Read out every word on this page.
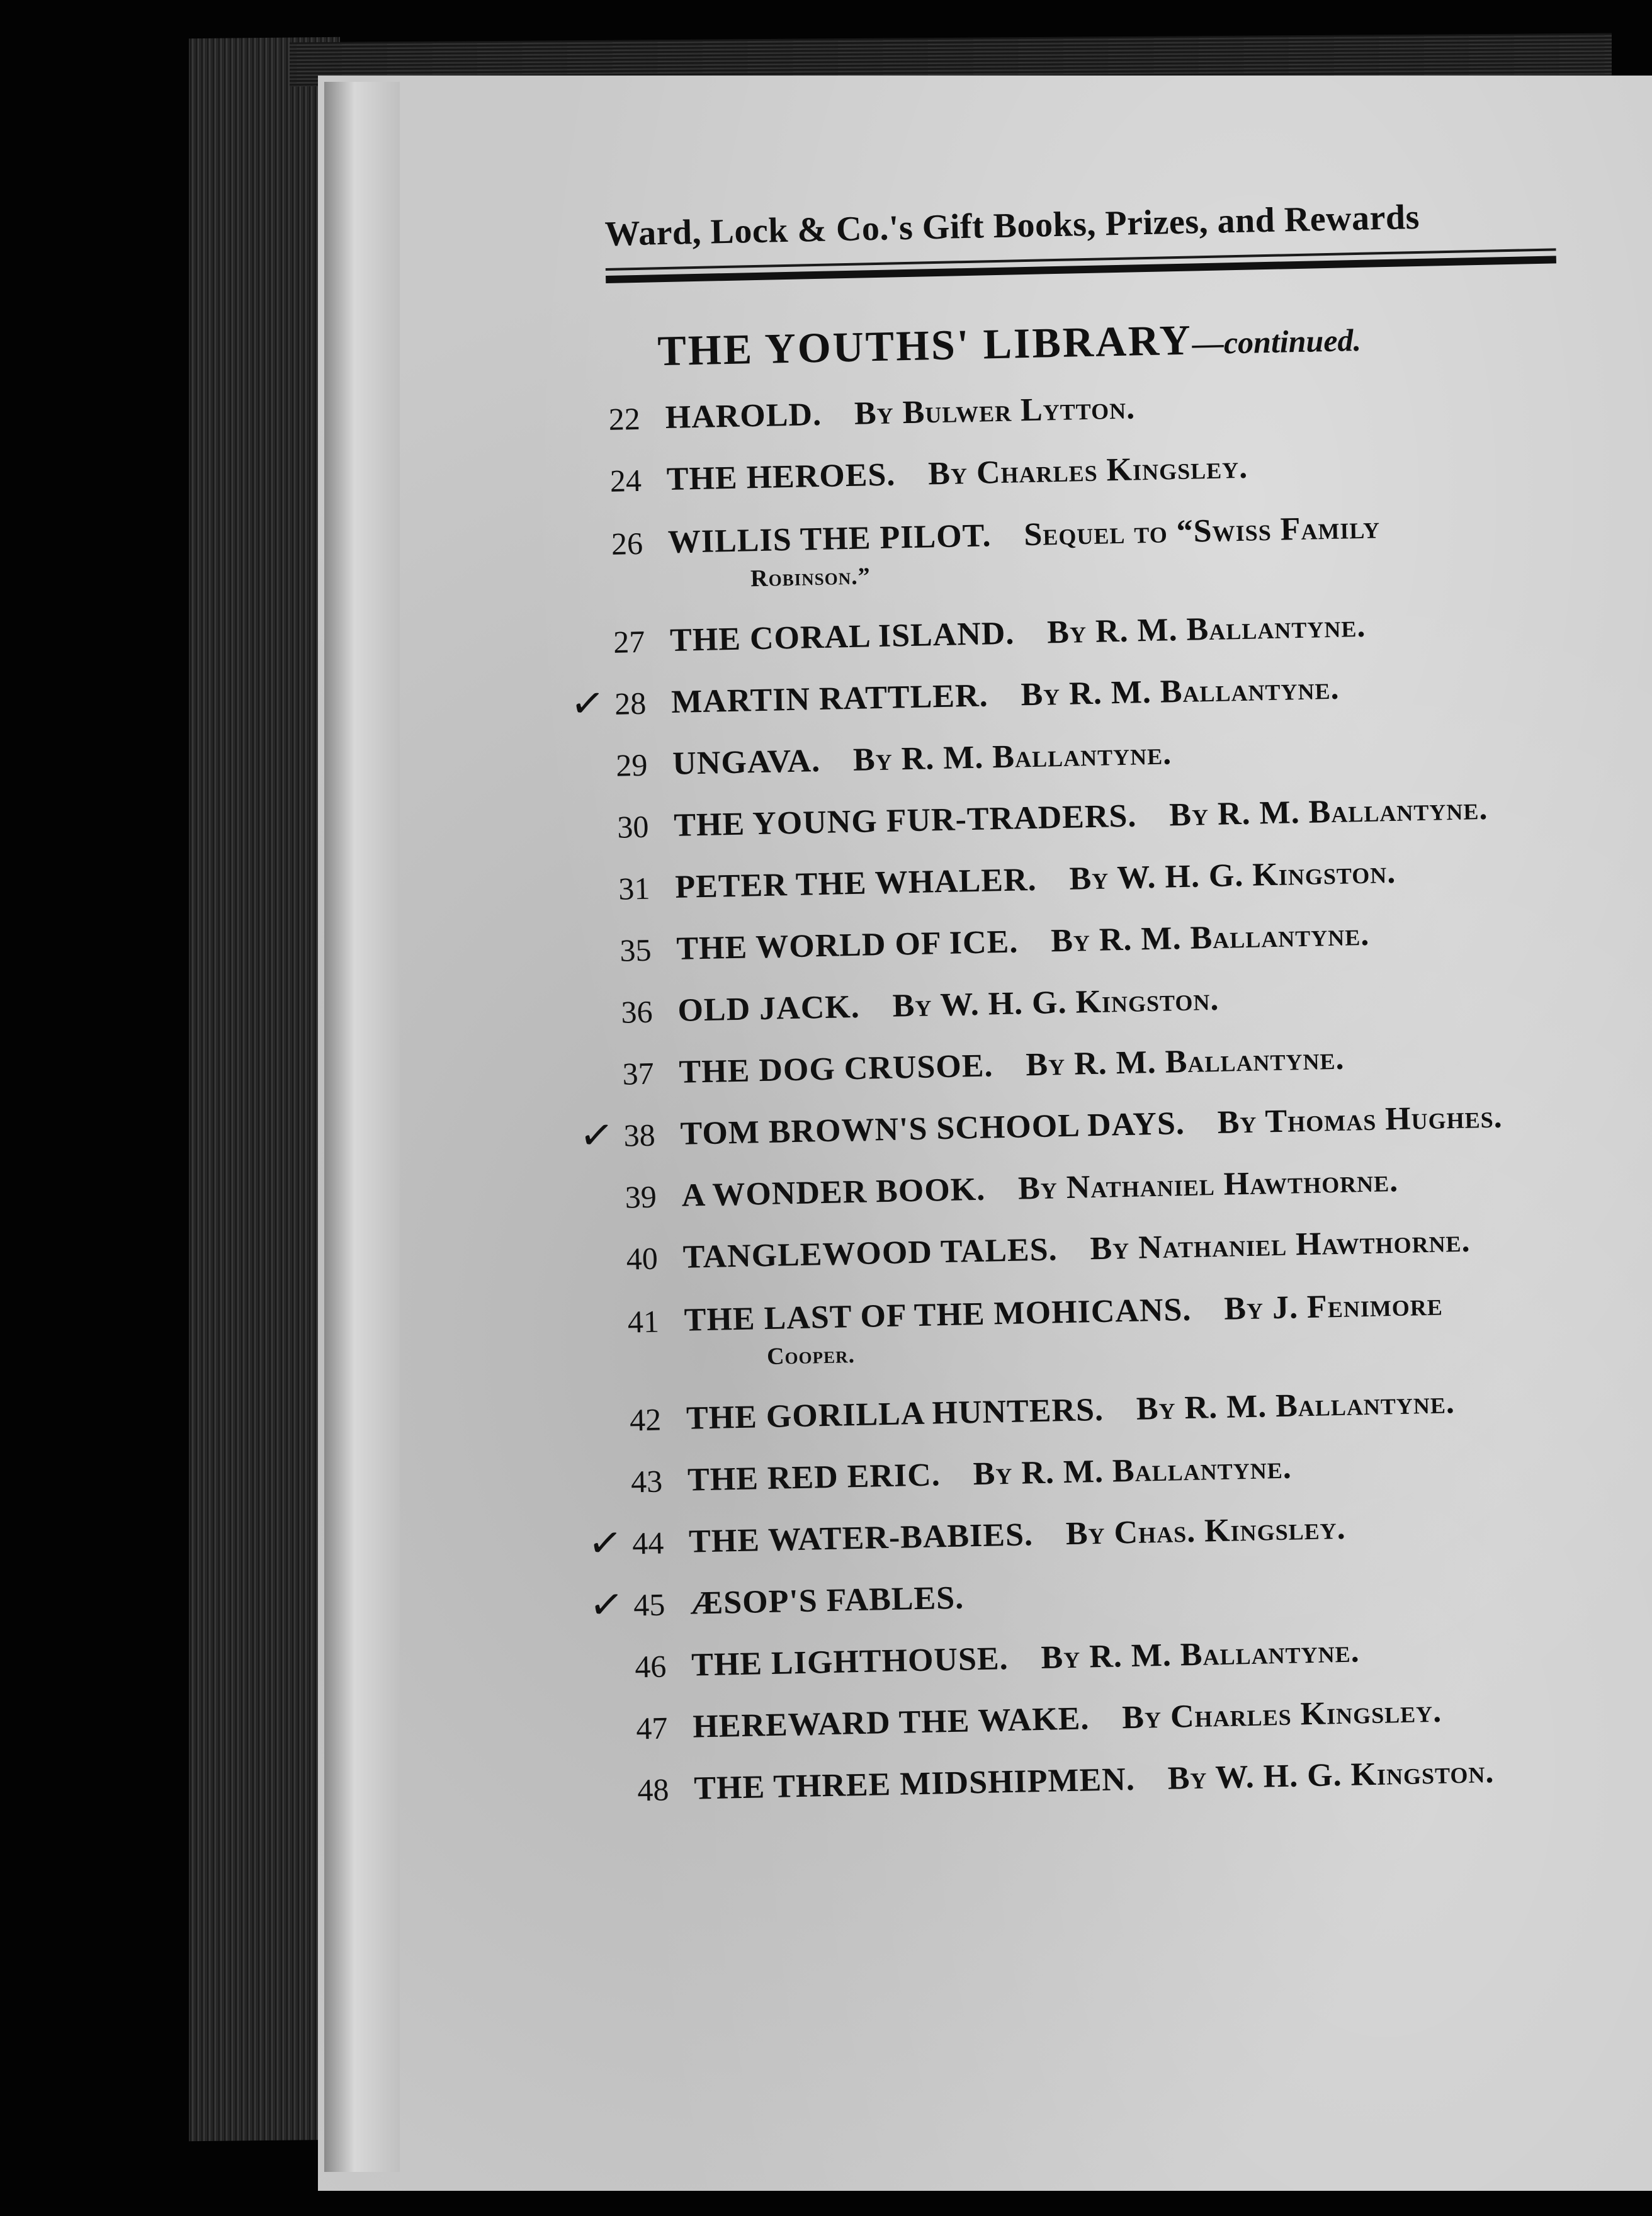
Ward, Lock & Co.'s Gift Books, Prizes, and Rewards

THE YOUTHS' LIBRARY—continued.
22 HAROLD.  By Bulwer Lytton.
24 THE HEROES.  By Charles Kingsley.
26 WILLIS THE PILOT.  Sequel to “Swiss Family
Robinson.”
27 THE CORAL ISLAND.  By R. M. Ballantyne.
✓ 28 MARTIN RATTLER.  By R. M. Ballantyne.
29 UNGAVA.  By R. M. Ballantyne.
30 THE YOUNG FUR-TRADERS.  By R. M. Ballantyne.
31 PETER THE WHALER.  By W. H. G. Kingston.
35 THE WORLD OF ICE.  By R. M. Ballantyne.
36 OLD JACK.  By W. H. G. Kingston.
37 THE DOG CRUSOE.  By R. M. Ballantyne.
✓ 38 TOM BROWN'S SCHOOL DAYS.  By Thomas Hughes.
39 A WONDER BOOK.  By Nathaniel Hawthorne.
40 TANGLEWOOD TALES.  By Nathaniel Hawthorne.
41 THE LAST OF THE MOHICANS.  By J. Fenimore
Cooper.
42 THE GORILLA HUNTERS.  By R. M. Ballantyne.
43 THE RED ERIC.  By R. M. Ballantyne.
✓ 44 THE WATER-BABIES.  By Chas. Kingsley.
✓ 45 ÆSOP'S FABLES. 
46 THE LIGHTHOUSE.  By R. M. Ballantyne.
47 HEREWARD THE WAKE.  By Charles Kingsley.
48 THE THREE MIDSHIPMEN.  By W. H. G. Kingston.
